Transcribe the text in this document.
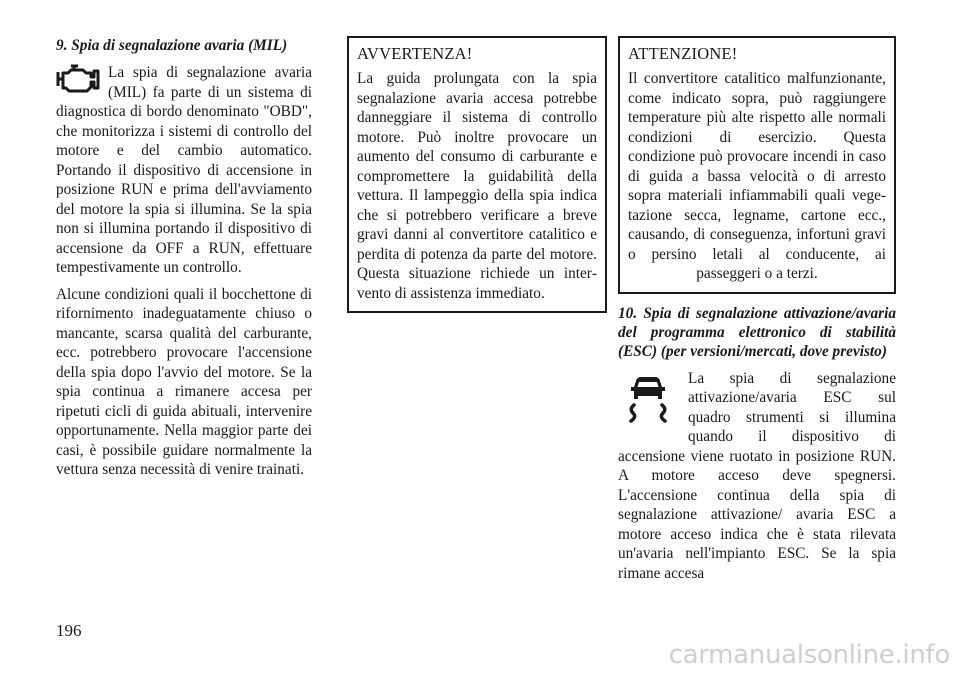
9. Spia di segnalazione avaria (MIL)

La spia di segnalazione avaria (MIL) fa parte di un sistema di diagnostica di bordo denominato "OBD", che monitorizza i sistemi di controllo del motore e del cambio automatico. Portando il dispositivo di accensione in posizione RUN e prima dell'avviamento del motore la spia si illumina. Se la spia non si illumina portando il dispositivo di accensione da OFF a RUN, effettuare tempestivamente un controllo.

Alcune condizioni quali il bocchettone di rifornimento inadeguatamente chiuso o mancante, scarsa qualità del carburante, ecc. potrebbero provocare l'accensione della spia dopo l'avvio del motore. Se la spia continua a rimanere accesa per ripetuti cicli di guida abituali, intervenire opportunamente. Nella maggior parte dei casi, è possibile guidare normalmente la vettura senza necessità di venire trainati.

AVVERTENZA!

La guida prolungata con la spia segnalazione avaria accesa potrebbe danneggiare il sistema di controllo motore. Può inoltre provocare un aumento del consumo di carburante e compromettere la guidabilità della vettura. Il lampeggìo della spia indica che si potrebbero verificare a breve gravi danni al convertitore catalitico e perdita di potenza da parte del motore. Questa situazione richiede un intervento di assistenza immediato.

ATTENZIONE!

Il convertitore catalitico malfunzionante, come indicato sopra, può raggiungere temperature più alte rispetto alle normali condizioni di esercizio. Questa condizione può provocare incendi in caso di guida a bassa velocità o di arresto sopra materiali infiammabili quali vegetazione secca, legname, cartone ecc., causando, di conseguenza, infortuni gravi o persino letali al conducente, ai passeggeri o a terzi.

10. Spia di segnalazione attivazione/avaria del programma elettronico di stabilità (ESC) (per versioni/mercati, dove previsto)

La spia di segnalazione attivazione/avaria ESC sul quadro strumenti si illumina quando il dispositivo di accensione viene ruotato in posizione RUN. A motore acceso deve spegnersi. L'accensione continua della spia di segnalazione attivazione/ avaria ESC a motore acceso indica che è stata rilevata un'avaria nell'impianto ESC. Se la spia rimane accesa

196
carmanualsonline.info
